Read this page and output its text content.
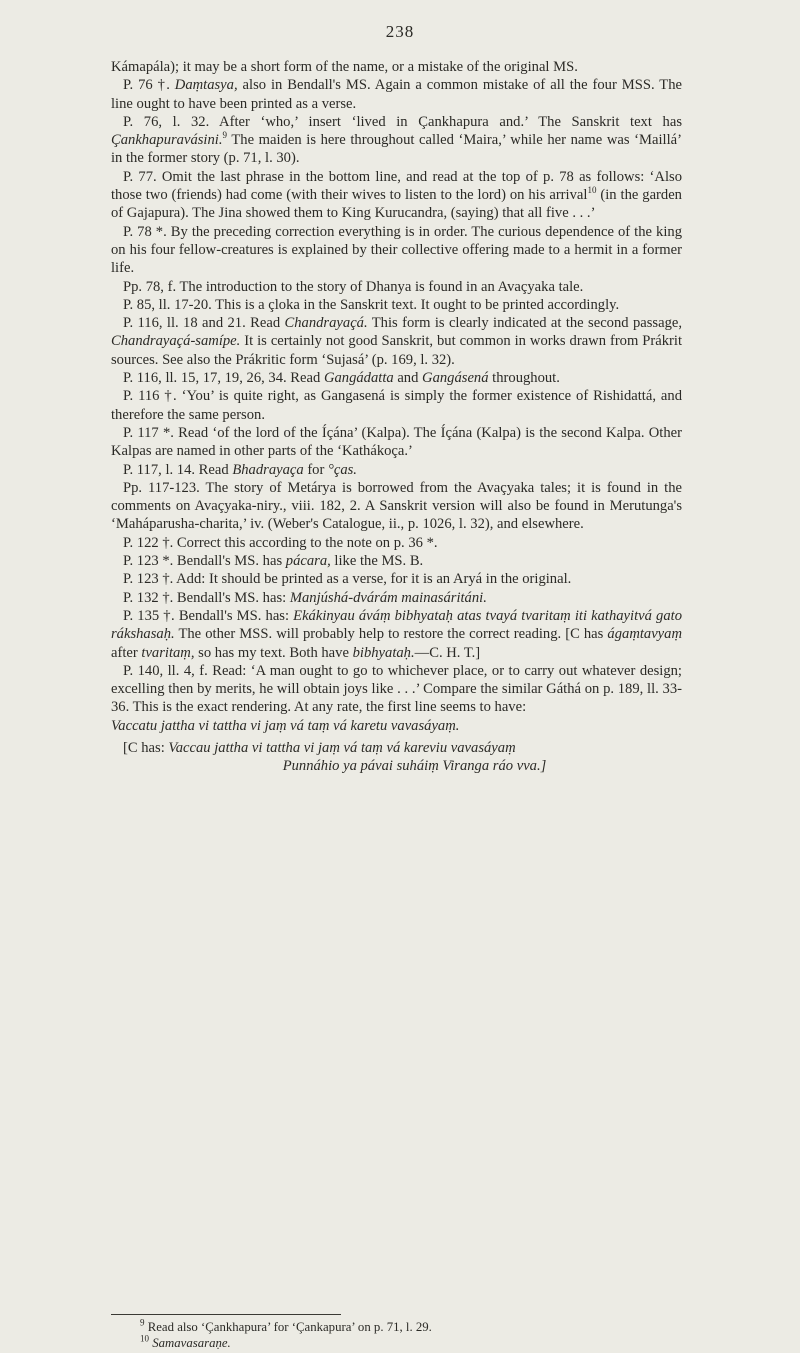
238

Kámapála); it may be a short form of the name, or a mistake of the original MS.

P. 76 †. Daṃtasya, also in Bendall's MS. Again a common mistake of all the four MSS. The line ought to have been printed as a verse.

P. 76, l. 32. After ‘who,’ insert ‘lived in Çankhapura and.’ The Sanskrit text has Çankhapuravásini.$^9$ The maiden is here throughout called ‘Maira,’ while her name was ‘Maillá’ in the former story (p. 71, l. 30).

P. 77. Omit the last phrase in the bottom line, and read at the top of p. 78 as follows: ‘Also those two (friends) had come (with their wives to listen to the lord) on his arrival$^{10}$ (in the garden of Gajapura). The Jina showed them to King Kurucandra, (saying) that all five . . .’

P. 78 *. By the preceding correction everything is in order. The curious dependence of the king on his four fellow-creatures is explained by their collective offering made to a hermit in a former life.

Pp. 78, f. The introduction to the story of Dhanya is found in an Avaçyaka tale.

P. 85, ll. 17-20. This is a çloka in the Sanskrit text. It ought to be printed accordingly.

P. 116, ll. 18 and 21. Read Chandrayaçá. This form is clearly indicated at the second passage, Chandrayaçá-samípe. It is certainly not good Sanskrit, but common in works drawn from Prákrit sources. See also the Prákritic form ‘Sujasá’ (p. 169, l. 32).

P. 116, ll. 15, 17, 19, 26, 34. Read Gangádatta and Gangásená throughout.

P. 116 †. ‘You’ is quite right, as Gangasená is simply the former existence of Rishidattá, and therefore the same person.

P. 117 *. Read ‘of the lord of the Íçána’ (Kalpa). The Íçána (Kalpa) is the second Kalpa. Other Kalpas are named in other parts of the ‘Kathákoça.’

P. 117, l. 14. Read Bhadrayaça for °ças.

Pp. 117-123. The story of Metárya is borrowed from the Avaçyaka tales; it is found in the comments on Avaçyaka-niry., viii. 182, 2. A Sanskrit version will also be found in Merutunga's ‘Maháparusha-charita,’ iv. (Weber's Catalogue, ii., p. 1026, l. 32), and elsewhere.

P. 122 †. Correct this according to the note on p. 36 *.

P. 123 *. Bendall's MS. has pácara, like the MS. B.

P. 123 †. Add: It should be printed as a verse, for it is an Aryá in the original.

P. 132 †. Bendall's MS. has: Manjúshá-dvárám mainasáritáni.

P. 135 †. Bendall's MS. has: Ekákinyau áváṃ bibhyataḥ atas tvayá tvaritaṃ iti kathayitvá gato rákshasaḥ. The other MSS. will probably help to restore the correct reading. [C has ágaṃtavyaṃ after tvaritaṃ, so has my text. Both have bibhyataḥ.—C. H. T.]

P. 140, ll. 4, f. Read: ‘A man ought to go to whichever place, or to carry out whatever design; excelling then by merits, he will obtain joys like . . .’ Compare the similar Gáthá on p. 189, ll. 33-36. This is the exact rendering. At any rate, the first line seems to have:

Vaccatu jattha vi tattha vi jaṃ vá taṃ vá karetu vavasáyaṃ.

[C has: Vaccau jattha vi tattha vi jaṃ vá taṃ vá kareviu vavasáyaṃ
Punnáhio ya pávai suháiṃ Viranga ráo vva.]

$^9$ Read also ‘Çankhapura’ for ‘Çankapura’ on p. 71, l. 29.

$^{10}$ Samavasaraṇe.
